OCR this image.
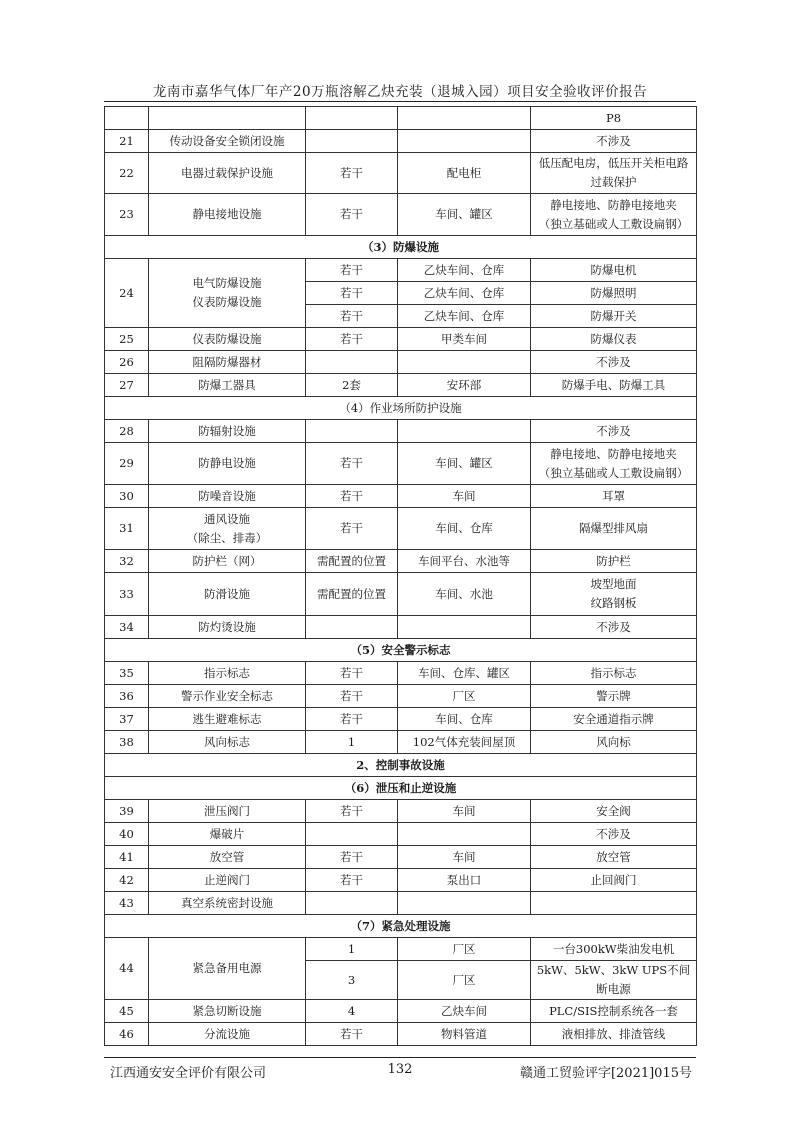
龙南市嘉华气体厂年产20万瓶溶解乙炔充装（退城入园）项目安全验收评价报告
				P8
21	传动设备安全锁闭设施			不涉及
22	电器过载保护设施	若干	配电柜	低压配电房，低压开关柜电路过载保护
23	静电接地设施	若干	车间、罐区	静电接地、防静电接地夹
（独立基础或人工敷设扁钢）

（3）防爆设施				
24	电气防爆设施
仪表防爆设施	若干	乙炔车间、仓库	防爆电机
		若干	乙炔车间、仓库	防爆照明
		若干	乙炔车间、仓库	防爆开关
25	仪表防爆设施	若干	甲类车间	防爆仪表
26	阻隔防爆器材			不涉及
27	防爆工器具	2套	安环部	防爆手电、防爆工具
（4）作业场所防护设施				
28	防辐射设施			不涉及
29	防静电设施	若干	车间、罐区	静电接地、防静电接地夹
（独立基础或人工敷设扁钢）

30	防噪音设施	若干	车间	耳罩
31	通风设施
（除尘、排毒）	若干	车间、仓库	隔爆型排风扇
32	防护栏（网）	需配置的位置	车间平台、水池等	防护栏
33	防滑设施	需配置的位置	车间、水池	坡型地面
纹路钢板

34	防灼烫设施			不涉及
（5）安全警示标志				
35	指示标志	若干	车间、仓库、罐区	指示标志
36	警示作业安全标志	若干	厂区	警示牌
37	逃生避难标志	若干	车间、仓库	安全通道指示牌
38	风向标志	1	102气体充装间屋顶	风向标
2、控制事故设施				
（6）泄压和止逆设施				
39	泄压阀门	若干	车间	安全阀
40	爆破片			不涉及
41	放空管	若干	车间	放空管
42	止逆阀门	若干	泵出口	止回阀门
43	真空系统密封设施			
（7）紧急处理设施				
44	紧急备用电源	1	厂区	一台300kW柴油发电机
		3	厂区	5kW、5kW、3kW UPS不间断电源
45	紧急切断设施	4	乙炔车间	PLC/SIS控制系统各一套
46	分流设施	若干	物料管道	液相排放、排渣管线
江西通安安全评价有限公司	132	赣通工贸验评字[2021]015号
